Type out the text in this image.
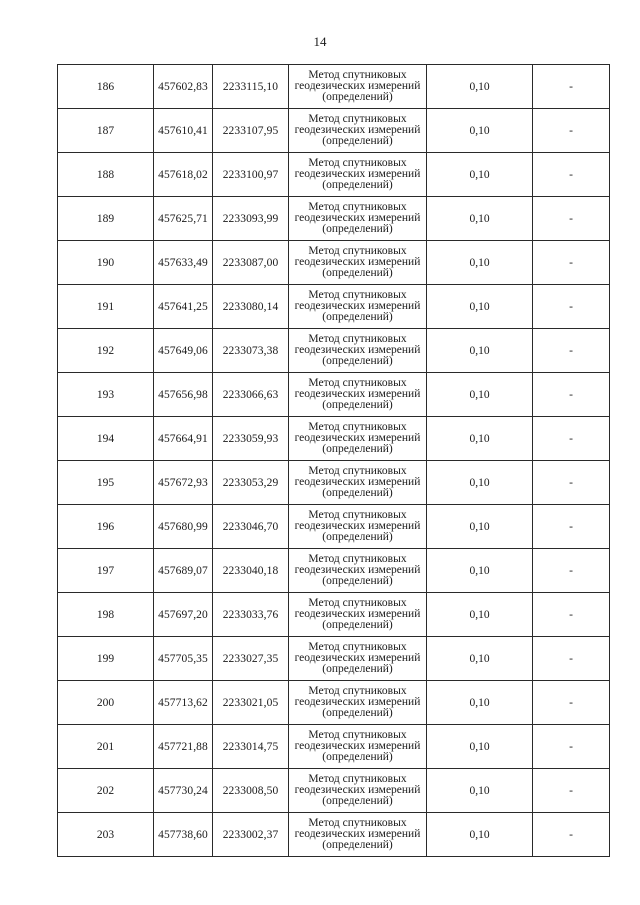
14
186	457602,83	2233115,10	Метод спутниковых геодезических измерений (определений)	0,10	-
187	457610,41	2233107,95	Метод спутниковых геодезических измерений (определений)	0,10	-
188	457618,02	2233100,97	Метод спутниковых геодезических измерений (определений)	0,10	-
189	457625,71	2233093,99	Метод спутниковых геодезических измерений (определений)	0,10	-
190	457633,49	2233087,00	Метод спутниковых геодезических измерений (определений)	0,10	-
191	457641,25	2233080,14	Метод спутниковых геодезических измерений (определений)	0,10	-
192	457649,06	2233073,38	Метод спутниковых геодезических измерений (определений)	0,10	-
193	457656,98	2233066,63	Метод спутниковых геодезических измерений (определений)	0,10	-
194	457664,91	2233059,93	Метод спутниковых геодезических измерений (определений)	0,10	-
195	457672,93	2233053,29	Метод спутниковых геодезических измерений (определений)	0,10	-
196	457680,99	2233046,70	Метод спутниковых геодезических измерений (определений)	0,10	-
197	457689,07	2233040,18	Метод спутниковых геодезических измерений (определений)	0,10	-
198	457697,20	2233033,76	Метод спутниковых геодезических измерений (определений)	0,10	-
199	457705,35	2233027,35	Метод спутниковых геодезических измерений (определений)	0,10	-
200	457713,62	2233021,05	Метод спутниковых геодезических измерений (определений)	0,10	-
201	457721,88	2233014,75	Метод спутниковых геодезических измерений (определений)	0,10	-
202	457730,24	2233008,50	Метод спутниковых геодезических измерений (определений)	0,10	-
203	457738,60	2233002,37	Метод спутниковых геодезических измерений (определений)	0,10	-
